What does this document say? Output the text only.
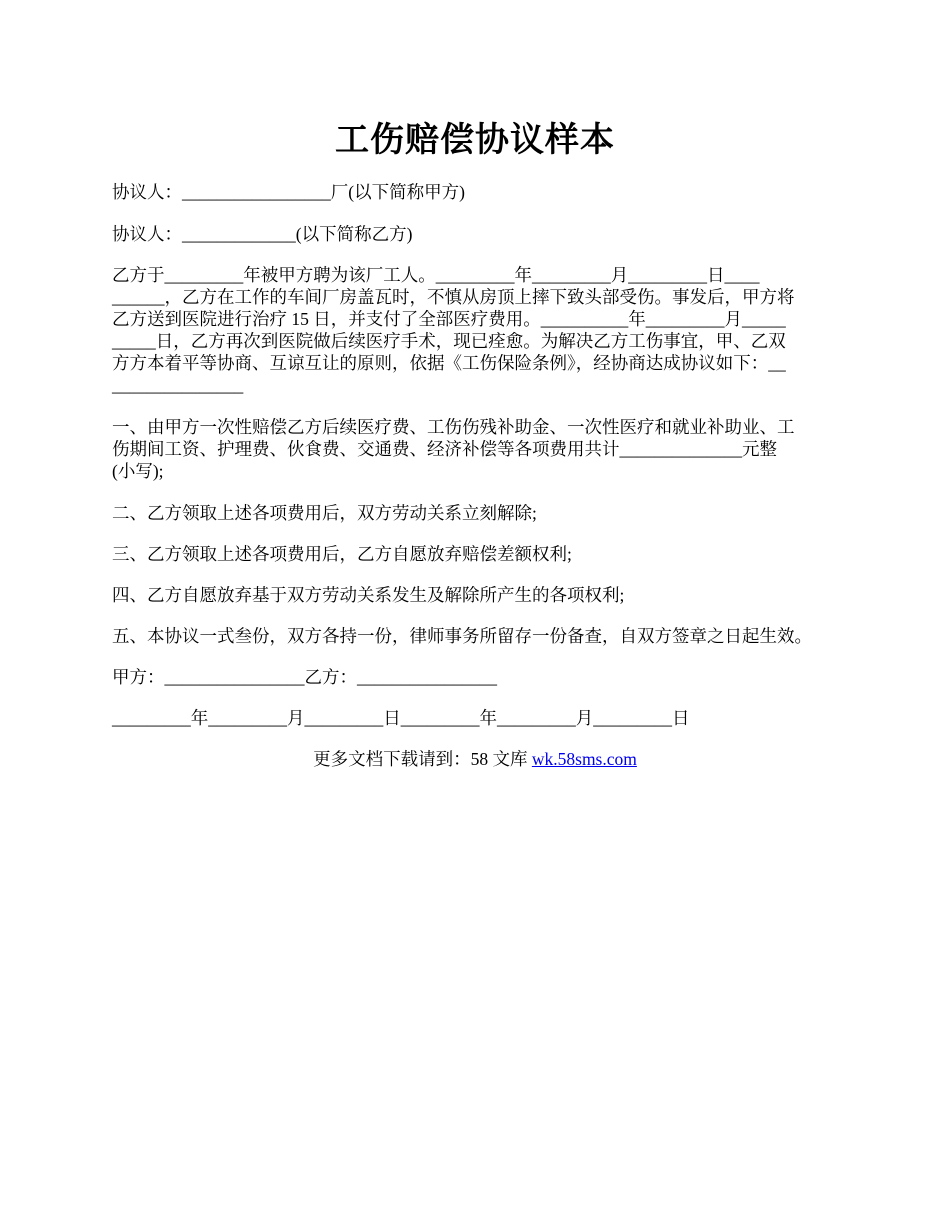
工伤赔偿协议样本
协议人：_________________厂(以下简称甲方)
协议人：_____________(以下简称乙方)
乙方于_________年被甲方聘为该厂工人。_________年_________月_________日____
______，乙方在工作的车间厂房盖瓦时，不慎从房顶上摔下致头部受伤。事发后，甲方将
乙方送到医院进行治疗 15 日，并支付了全部医疗费用。__________年_________月_____
_____日，乙方再次到医院做后续医疗手术，现已痊愈。为解决乙方工伤事宜，甲、乙双
方方本着平等协商、互谅互让的原则，依据《工伤保险条例》，经协商达成协议如下：__
_______________
一、由甲方一次性赔偿乙方后续医疗费、工伤伤残补助金、一次性医疗和就业补助业、工
伤期间工资、护理费、伙食费、交通费、经济补偿等各项费用共计______________元整
(小写);
二、乙方领取上述各项费用后，双方劳动关系立刻解除;
三、乙方领取上述各项费用后，乙方自愿放弃赔偿差额权利;
四、乙方自愿放弃基于双方劳动关系发生及解除所产生的各项权利;
五、本协议一式叁份，双方各持一份，律师事务所留存一份备查，自双方签章之日起生效。
甲方：________________乙方：________________
_________年_________月_________日_________年_________月_________日
更多文档下载请到：58 文库 wk.58sms.com
